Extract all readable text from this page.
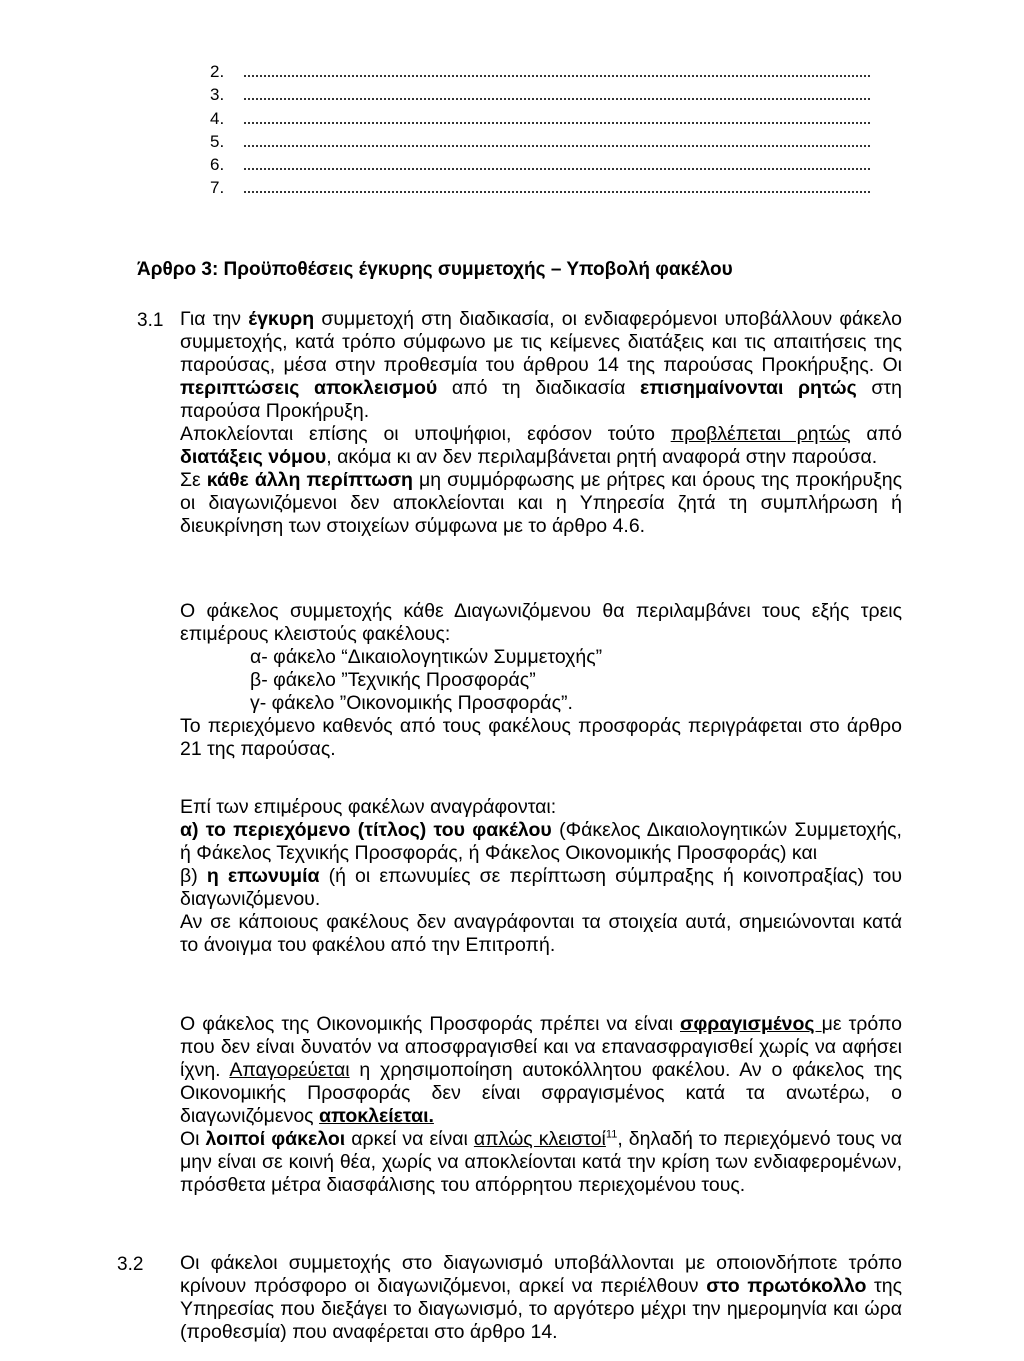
2.
3.
4.
5.
6.
7.
Άρθρο 3: Προϋποθέσεις έγκυρης συμμετοχής – Υποβολή φακέλου
3.1 Για την έγκυρη συμμετοχή στη διαδικασία, οι ενδιαφερόμενοι υποβάλλουν φάκελο συμμετοχής, κατά τρόπο σύμφωνο με τις κείμενες διατάξεις και τις απαιτήσεις της παρούσας, μέσα στην προθεσμία του άρθρου 14 της παρούσας Προκήρυξης. Οι περιπτώσεις αποκλεισμού από τη διαδικασία επισημαίνονται ρητώς στη παρούσα Προκήρυξη.

Αποκλείονται επίσης οι υποψήφιοι, εφόσον τούτο προβλέπεται ρητώς από διατάξεις νόμου, ακόμα κι αν δεν περιλαμβάνεται ρητή αναφορά στην παρούσα.

Σε κάθε άλλη περίπτωση μη συμμόρφωσης με ρήτρες και όρους της προκήρυξης οι διαγωνιζόμενοι δεν αποκλείονται και η Υπηρεσία ζητά τη συμπλήρωση ή διευκρίνηση των στοιχείων σύμφωνα με το άρθρο 4.6.

Ο φάκελος συμμετοχής κάθε Διαγωνιζόμενου θα περιλαμβάνει τους εξής τρεις επιμέρους κλειστούς φακέλους:

α- φάκελο “Δικαιολογητικών Συμμετοχής”

β- φάκελο ”Τεχνικής Προσφοράς”

γ- φάκελο ”Οικονομικής Προσφοράς”.

Το περιεχόμενο καθενός από τους φακέλους προσφοράς περιγράφεται στο άρθρο 21 της παρούσας.

Επί των επιμέρους φακέλων αναγράφονται:

α) το περιεχόμενο (τίτλος) του φακέλου (Φάκελος Δικαιολογητικών Συμμετοχής, ή Φάκελος Τεχνικής Προσφοράς, ή Φάκελος Οικονομικής Προσφοράς) και

β) η επωνυμία (ή οι επωνυμίες σε περίπτωση σύμπραξης ή κοινοπραξίας) του διαγωνιζόμενου.

Αν σε κάποιους φακέλους δεν αναγράφονται τα στοιχεία αυτά, σημειώνονται κατά το άνοιγμα του φακέλου από την Επιτροπή.

Ο φάκελος της Οικονομικής Προσφοράς πρέπει να είναι σφραγισμένος με τρόπο που δεν είναι δυνατόν να αποσφραγισθεί και να επανασφραγισθεί χωρίς να αφήσει ίχνη. Απαγορεύεται η χρησιμοποίηση αυτοκόλλητου φακέλου. Αν ο φάκελος της Οικονομικής Προσφοράς δεν είναι σφραγισμένος κατά τα ανωτέρω, ο διαγωνιζόμενος αποκλείεται.

Οι λοιποί φάκελοι αρκεί να είναι απλώς κλειστοί$^{11}$, δηλαδή το περιεχόμενό τους να μην είναι σε κοινή θέα, χωρίς να αποκλείονται κατά την κρίση των ενδιαφερομένων, πρόσθετα μέτρα διασφάλισης του απόρρητου περιεχομένου τους.

3.2 Οι φάκελοι συμμετοχής στο διαγωνισμό υποβάλλονται με οποιονδήποτε τρόπο κρίνουν πρόσφορο οι διαγωνιζόμενοι, αρκεί να περιέλθουν στο πρωτόκολλο της Υπηρεσίας που διεξάγει το διαγωνισμό, το αργότερο μέχρι την ημερομηνία και ώρα (προθεσμία) που αναφέρεται στο άρθρο 14.
